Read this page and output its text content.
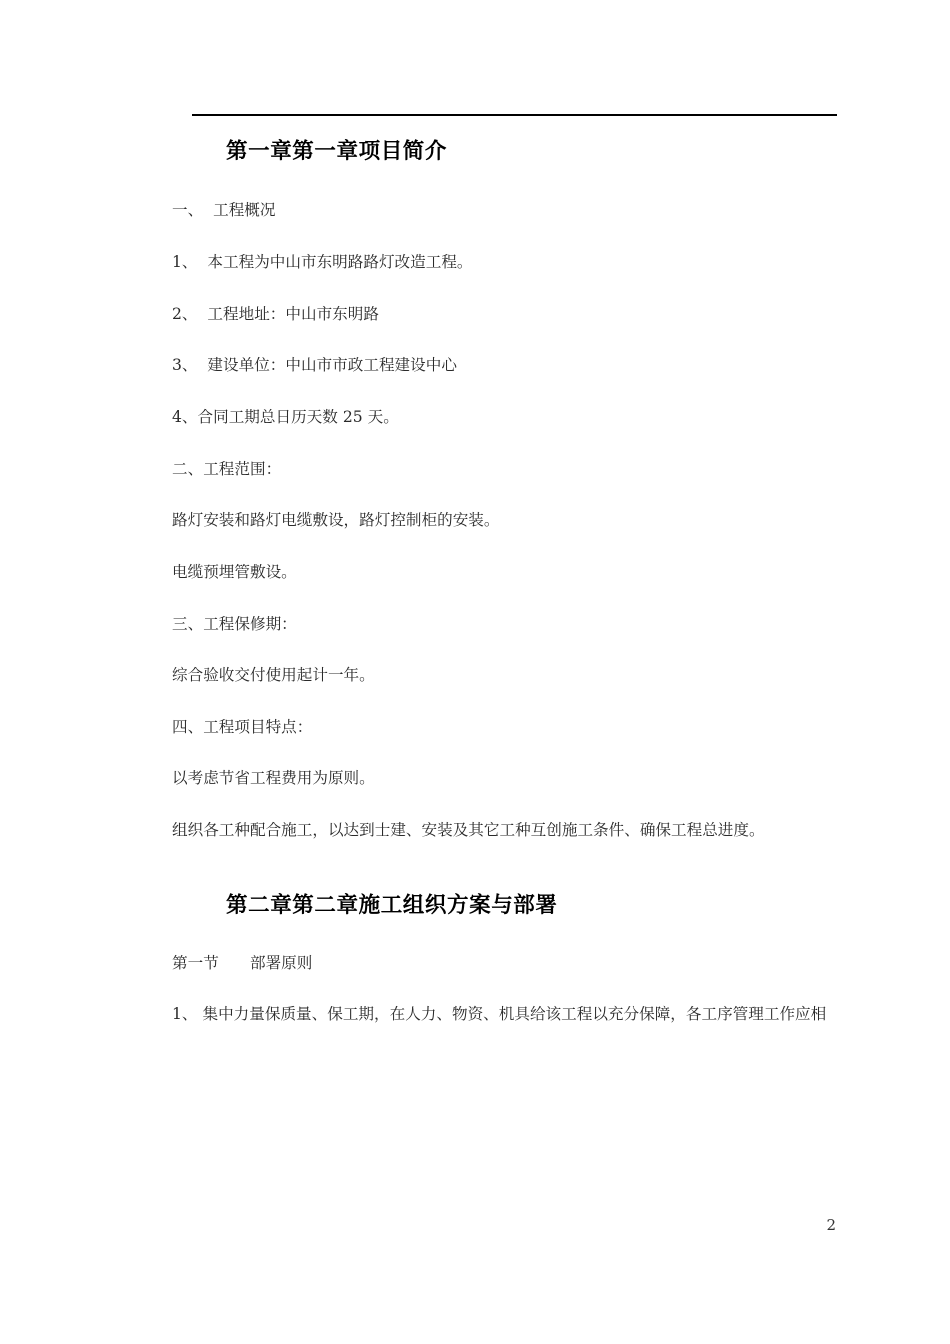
第一章第一章项目简介

一、  工程概况

1、  本工程为中山市东明路路灯改造工程。

2、  工程地址：中山市东明路

3、  建设单位：中山市市政工程建设中心

4、合同工期总日历天数 25 天。

二、工程范围：

路灯安装和路灯电缆敷设，路灯控制柜的安装。

电缆预埋管敷设。

三、工程保修期：

综合验收交付使用起计一年。

四、工程项目特点：

以考虑节省工程费用为原则。

组织各工种配合施工，以达到士建、安装及其它工种互创施工条件、确保工程总进度。

第二章第二章施工组织方案与部署

第一节　　部署原则

1、 集中力量保质量、保工期，在人力、物资、机具给该工程以充分保障，各工序管理工作应相

2
